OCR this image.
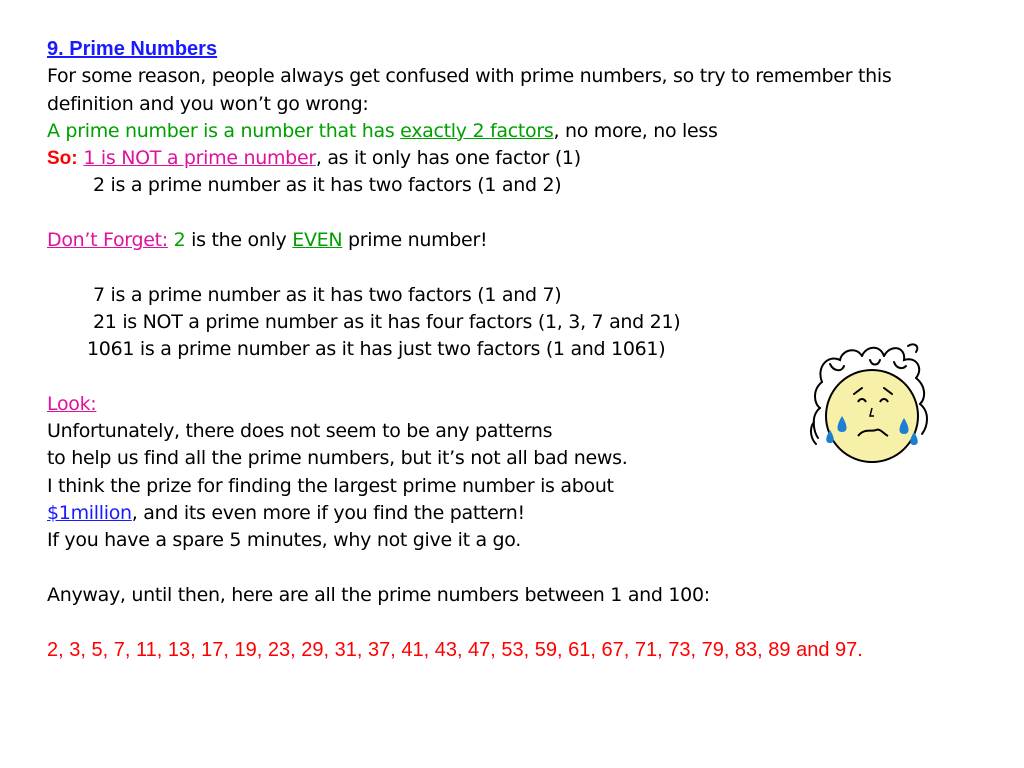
9. Prime Numbers
For some reason, people always get confused with prime numbers, so try to remember this
definition and you won’t go wrong:
A prime number is a number that has exactly 2 factors, no more, no less
So: 1 is NOT a prime number, as it only has one factor (1)
2 is a prime number as it has two factors (1 and 2)
Don’t Forget: 2 is the only EVEN prime number!
7 is a prime number as it has two factors (1 and 7)
21 is NOT a prime number as it has four factors (1, 3, 7 and 21)
1061 is a prime number as it has just two factors (1 and 1061)
Look:
Unfortunately, there does not seem to be any patterns
to help us find all the prime numbers, but it’s not all bad news.
I think the prize for finding the largest prime number is about
$1million, and its even more if you find the pattern!
If you have a spare 5 minutes, why not give it a go.
Anyway, until then, here are all the prime numbers between 1 and 100:
2, 3, 5, 7, 11, 13, 17, 19, 23, 29, 31, 37, 41, 43, 47, 53, 59, 61, 67, 71, 73, 79, 83, 89 and 97.
